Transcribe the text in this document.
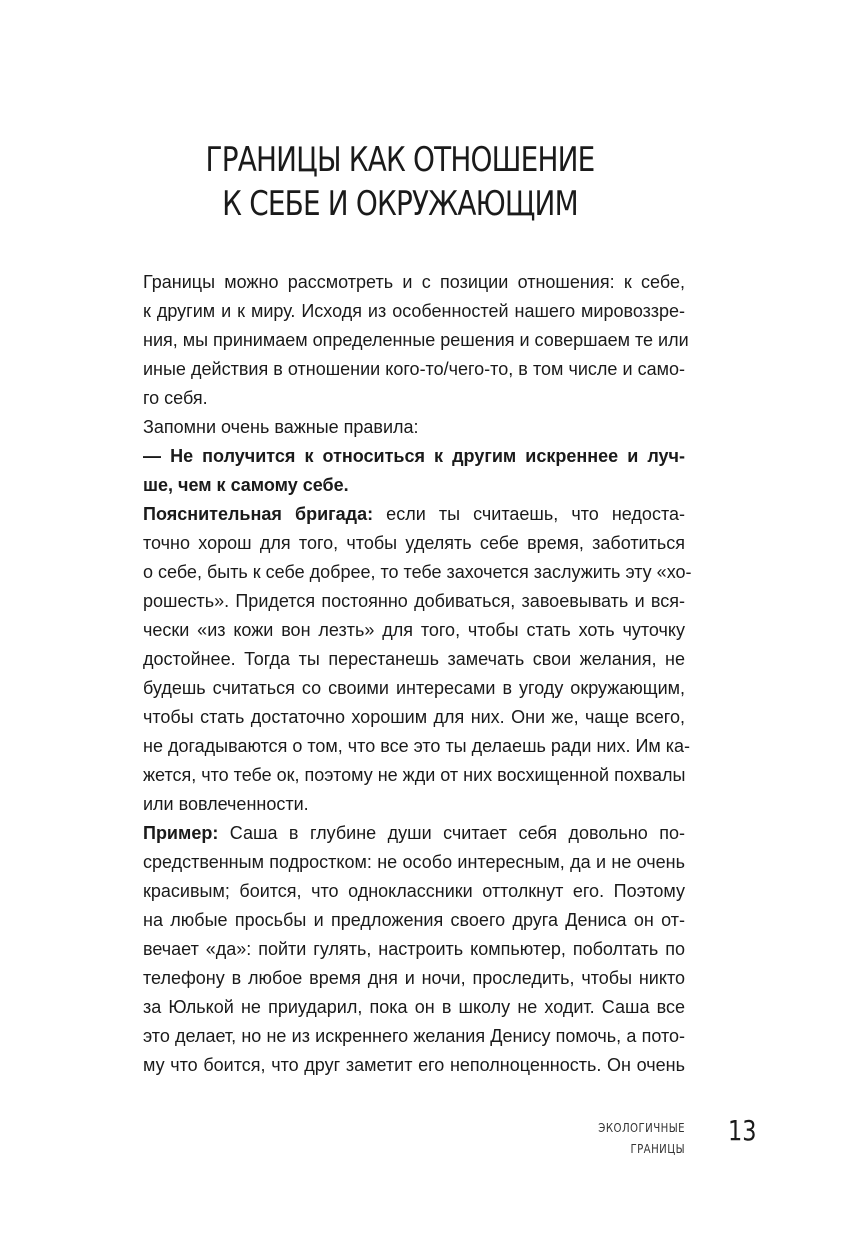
ГРАНИЦЫ КАК ОТНОШЕНИЕ
К СЕБЕ И ОКРУЖАЮЩИМ

Границы можно рассмотреть и с позиции отношения: к себе,
к другим и к миру. Исходя из особенностей нашего мировоззре-
ния, мы принимаем определенные решения и совершаем те или
иные действия в отношении кого-то/чего-то, в том числе и само-
го себя.

Запомни очень важные правила:

— Не получится к относиться к другим искреннее и луч-
ше, чем к самому себе.

Пояснительная бригада: если ты считаешь, что недоста-
точно хорош для того, чтобы уделять себе время, заботиться
о себе, быть к себе добрее, то тебе захочется заслужить эту «хо-
рошесть». Придется постоянно добиваться, завоевывать и вся-
чески «из кожи вон лезть» для того, чтобы стать хоть чуточку
достойнее. Тогда ты перестанешь замечать свои желания, не
будешь считаться со своими интересами в угоду окружающим,
чтобы стать достаточно хорошим для них. Они же, чаще всего,
не догадываются о том, что все это ты делаешь ради них. Им ка-
жется, что тебе ок, поэтому не жди от них восхищенной похвалы
или вовлеченности.

Пример: Саша в глубине души считает себя довольно по-
средственным подростком: не особо интересным, да и не очень
красивым; боится, что одноклассники оттолкнут его. Поэтому
на любые просьбы и предложения своего друга Дениса он от-
вечает «да»: пойти гулять, настроить компьютер, поболтать по
телефону в любое время дня и ночи, проследить, чтобы никто
за Юлькой не приударил, пока он в школу не ходит. Саша все
это делает, но не из искреннего желания Денису помочь, а пото-
му что боится, что друг заметит его неполноценность. Он очень

ЭКОЛОГИЧНЫЕ
ГРАНИЦЫ
13
